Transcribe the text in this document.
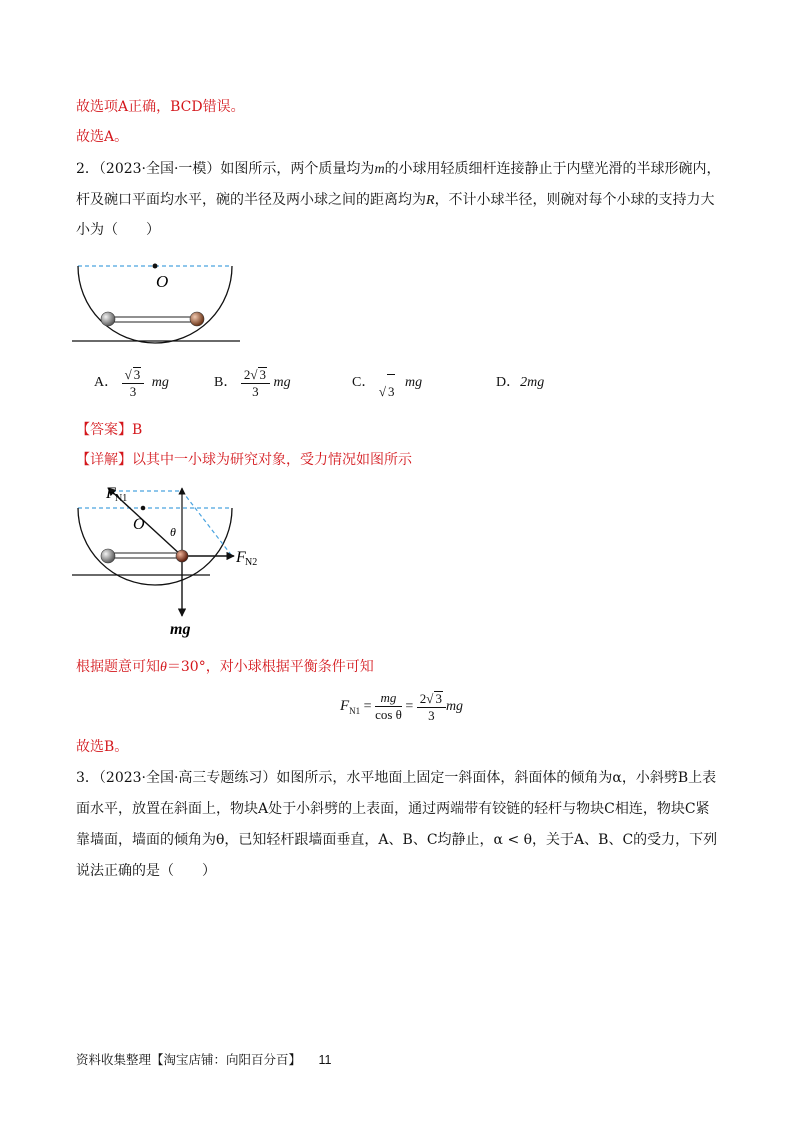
故选项A正确，BCD错误。
故选A。
2．（2023·全国·一模）如图所示，两个质量均为m的小球用轻质细杆连接静止于内壁光滑的半球形碗内，
杆及碗口平面均水平，碗的半径及两小球之间的距离均为R，不计小球半径，则碗对每个小球的支持力大
小为（　　）
O
A． $\frac{√ 3}{3}$ mg	B． $\frac{2√ 3}{3}$ mg	C． √ 3 mg	D．2mg
【答案】B
【详解】以其中一小球为研究对象，受力情况如图所示
F N1
O θ
F N2
mg
根据题意可知θ＝30°，对小球根据平衡条件可知
$F_{N1} = \frac{mg}{\text{cos θ}} = \frac{2√ 3}{3}$ mg
故选B。
3．（2023·全国·高三专题练习）如图所示，水平地面上固定一斜面体，斜面体的倾角为α，小斜劈B上表
面水平，放置在斜面上，物块A处于小斜劈的上表面，通过两端带有铰链的轻杆与物块C相连，物块C紧
靠墙面，墙面的倾角为θ，已知轻杆跟墙面垂直，A、B、C均静止，α < θ，关于A、B、C的受力，下列
说法正确的是（　　）
资料收集整理【淘宝店铺：向阳百分百】 11
